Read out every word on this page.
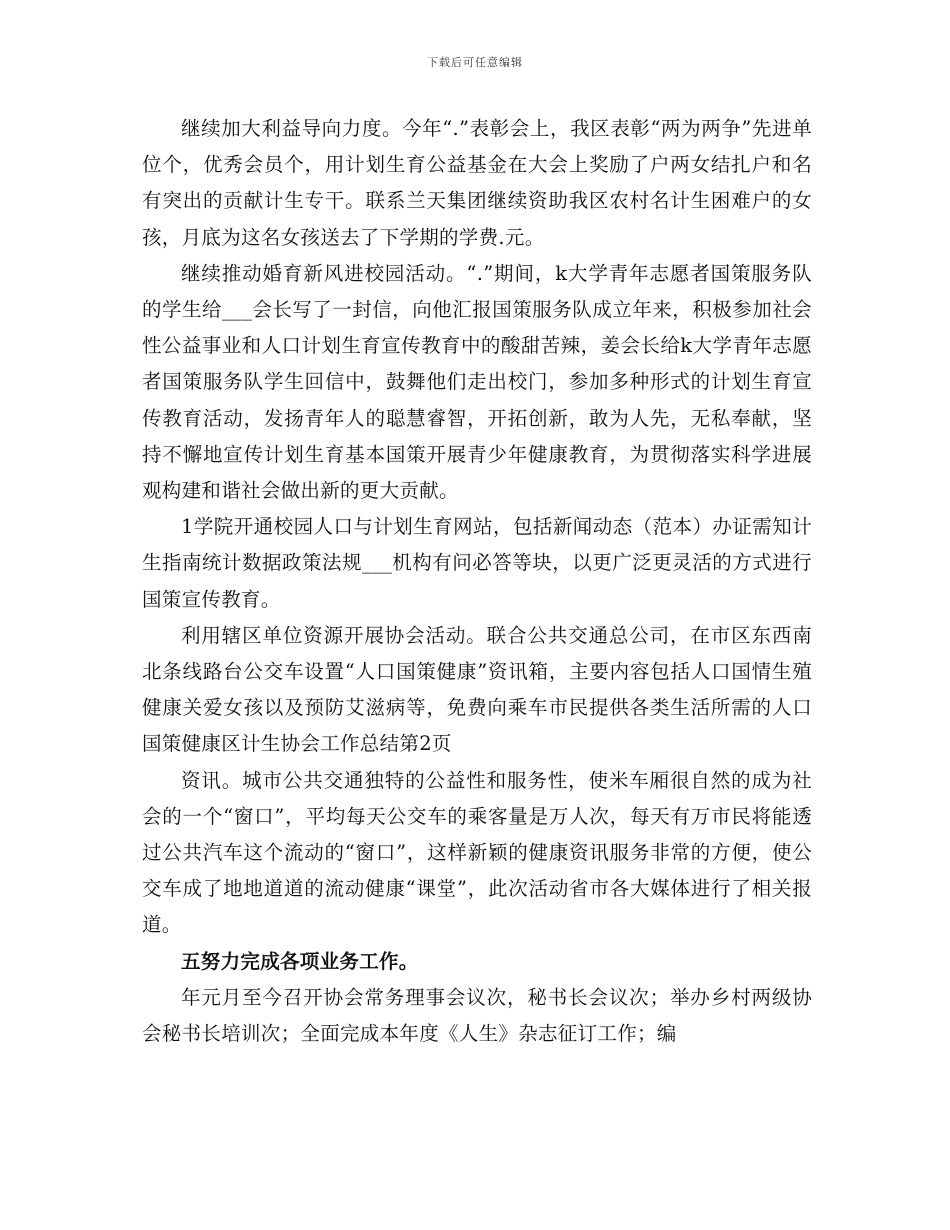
下载后可任意编辑

继续加大利益导向力度。今年“.”表彰会上，我区表彰“两为两争”先进单位个，优秀会员个，用计划生育公益基金在大会上奖励了户两女结扎户和名有突出的贡献计生专干。联系兰天集团继续资助我区农村名计生困难户的女孩，月底为这名女孩送去了下学期的学费.元。

继续推动婚育新风进校园活动。“.”期间，k大学青年志愿者国策服务队的学生给___会长写了一封信，向他汇报国策服务队成立年来，积极参加社会性公益事业和人口计划生育宣传教育中的酸甜苦辣，姜会长给k大学青年志愿者国策服务队学生回信中，鼓舞他们走出校门，参加多种形式的计划生育宣传教育活动，发扬青年人的聪慧睿智，开拓创新，敢为人先，无私奉献，坚持不懈地宣传计划生育基本国策开展青少年健康教育，为贯彻落实科学进展观构建和谐社会做出新的更大贡献。

1学院开通校园人口与计划生育网站，包括新闻动态（范本）办证需知计生指南统计数据政策法规___机构有问必答等块，以更广泛更灵活的方式进行国策宣传教育。

利用辖区单位资源开展协会活动。联合公共交通总公司，在市区东西南北条线路台公交车设置“人口国策健康”资讯箱，主要内容包括人口国情生殖健康关爱女孩以及预防艾滋病等，免费向乘车市民提供各类生活所需的人口国策健康区计生协会工作总结第2页

资讯。城市公共交通独特的公益性和服务性，使米车厢很自然的成为社会的一个“窗口”，平均每天公交车的乘客量是万人次，每天有万市民将能透过公共汽车这个流动的“窗口”，这样新颖的健康资讯服务非常的方便，使公交车成了地地道道的流动健康“课堂”，此次活动省市各大媒体进行了相关报道。

五努力完成各项业务工作。

年元月至今召开协会常务理事会议次，秘书长会议次；举办乡村两级协会秘书长培训次；全面完成本年度《人生》杂志征订工作；编
